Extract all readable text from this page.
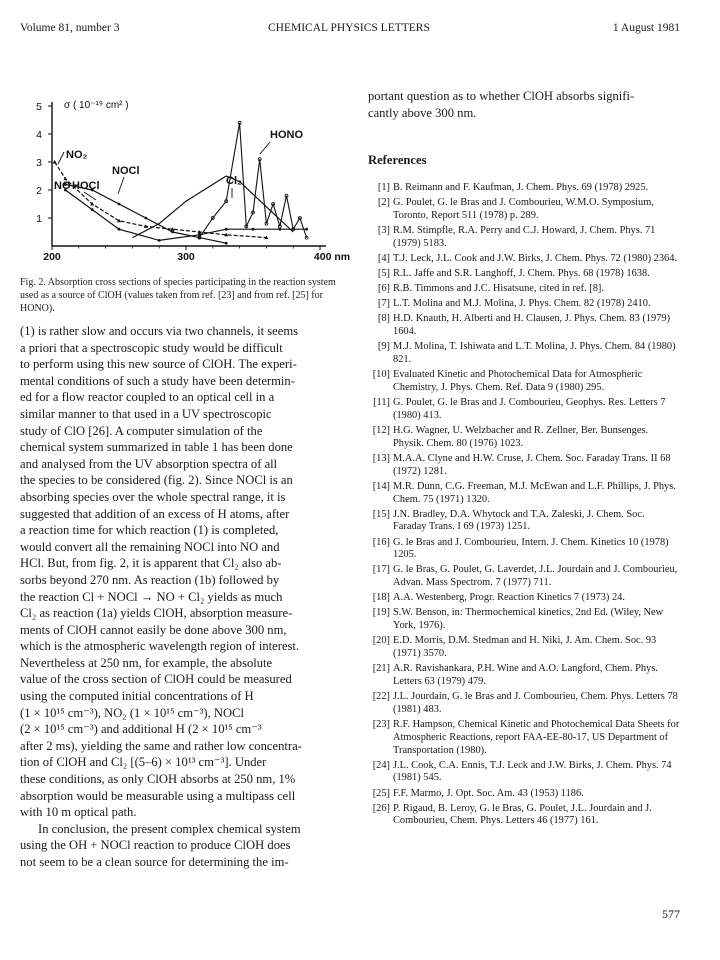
Volume 81, number 3	CHEMICAL PHYSICS LETTERS	1 August 1981
5
4
3
2
1
200	300	400 nm
σ ( 10⁻¹⁹ cm² )
NO₂
NOCl
NO HOCl	Cl₂
HONO
Fig. 2. Absorption cross sections of species participating in the reaction system used as a source of ClOH (values taken from ref. [23] and from ref. [25] for HONO).

(1) is rather slow and occurs via two channels, it seems
a priori that a spectroscopic study would be difficult
to perform using this new source of ClOH. The experi-
mental conditions of such a study have been determin-
ed for a flow reactor coupled to an optical cell in a
similar manner to that used in a UV spectroscopic
study of ClO [26]. A computer simulation of the
chemical system summarized in table 1 has been done
and analysed from the UV absorption spectra of all
the species to be considered (fig. 2). Since NOCl is an
absorbing species over the whole spectral range, it is
suggested that addition of an excess of H atoms, after
a reaction time for which reaction (1) is completed,
would convert all the remaining NOCl into NO and
HCl. But, from fig. 2, it is apparent that Cl₂ also ab-
sorbs beyond 270 nm. As reaction (1b) followed by
the reaction Cl + NOCl → NO + Cl₂ yields as much
Cl₂ as reaction (1a) yields ClOH, absorption measure-
ments of ClOH cannot easily be done above 300 nm,
which is the atmospheric wavelength region of interest.
Nevertheless at 250 nm, for example, the absolute
value of the cross section of ClOH could be measured
using the computed initial concentrations of H
(1 × 10¹⁵ cm⁻³), NO₂ (1 × 10¹⁵ cm⁻³), NOCl
(2 × 10¹⁵ cm⁻³) and additional H (2 × 10¹⁵ cm⁻³
after 2 ms), yielding the same and rather low concentra-
tion of ClOH and Cl₂ [(5–6) × 10¹³ cm⁻³]. Under
these conditions, as only ClOH absorbs at 250 nm, 1%
absorption would be measurable using a multipass cell
with 10 m optical path.

In conclusion, the present complex chemical system
using the OH + NOCl reaction to produce ClOH does
not seem to be a clean source for determining the im-

portant question as to whether ClOH absorbs signifi-
cantly above 300 nm.

References
[1] B. Reimann and F. Kaufman, J. Chem. Phys. 69 (1978) 2925.
[2] G. Poulet, G. le Bras and J. Combourieu, W.M.O. Symposium, Toronto, Report 511 (1978) p. 289.
[3] R.M. Stimpfle, R.A. Perry and C.J. Howard, J. Chem. Phys. 71 (1979) 5183.
[4] T.J. Leck, J.L. Cook and J.W. Birks, J. Chem. Phys. 72 (1980) 2364.
[5] R.L. Jaffe and S.R. Langhoff, J. Chem. Phys. 68 (1978) 1638.
[6] R.B. Timmons and J.C. Hisatsune, cited in ref. [8].
[7] L.T. Molina and M.J. Molina, J. Phys. Chem. 82 (1978) 2410.
[8] H.D. Knauth, H. Alberti and H. Clausen, J. Phys. Chem. 83 (1979) 1604.
[9] M.J. Molina, T. Ishiwata and L.T. Molina, J. Phys. Chem. 84 (1980) 821.
[10] Evaluated Kinetic and Photochemical Data for Atmospheric Chemistry, J. Phys. Chem. Ref. Data 9 (1980) 295.
[11] G. Poulet, G. le Bras and J. Combourieu, Geophys. Res. Letters 7 (1980) 413.
[12] H.G. Wagner, U. Welzbacher and R. Zellner, Ber. Bunsenges. Physik. Chem. 80 (1976) 1023.
[13] M.A.A. Clyne and H.W. Cruse, J. Chem. Soc. Faraday Trans. II 68 (1972) 1281.
[14] M.R. Dunn, C.G. Freeman, M.J. McEwan and L.F. Phillips, J. Phys. Chem. 75 (1971) 1320.
[15] J.N. Bradley, D.A. Whytock and T.A. Zaleski, J. Chem. Soc. Faraday Trans. I 69 (1973) 1251.
[16] G. le Bras and J. Combourieu, Intern. J. Chem. Kinetics 10 (1978) 1205.
[17] G. le Bras, G. Poulet, G. Laverdet, J.L. Jourdain and J. Combourieu, Advan. Mass Spectrom. 7 (1977) 711.
[18] A.A. Westenberg, Progr. Reaction Kinetics 7 (1973) 24.
[19] S.W. Benson, in: Thermochemical kinetics, 2nd Ed. (Wiley, New York, 1976).
[20] E.D. Morris, D.M. Stedman and H. Niki, J. Am. Chem. Soc. 93 (1971) 3570.
[21] A.R. Ravishankara, P.H. Wine and A.O. Langford, Chem. Phys. Letters 63 (1979) 479.
[22] J.L. Jourdain, G. le Bras and J. Combourieu, Chem. Phys. Letters 78 (1981) 483.
[23] R.F. Hampson, Chemical Kinetic and Photochemical Data Sheets for Atmospheric Reactions, report FAA-EE-80-17, US Department of Transportation (1980).
[24] J.L. Cook, C.A. Ennis, T.J. Leck and J.W. Birks, J. Chem. Phys. 74 (1981) 545.
[25] F.F. Marmo, J. Opt. Soc. Am. 43 (1953) 1186.
[26] P. Rigaud, B. Leroy, G. le Bras, G. Poulet, J.L. Jourdain and J. Combourieu, Chem. Phys. Letters 46 (1977) 161.
577
